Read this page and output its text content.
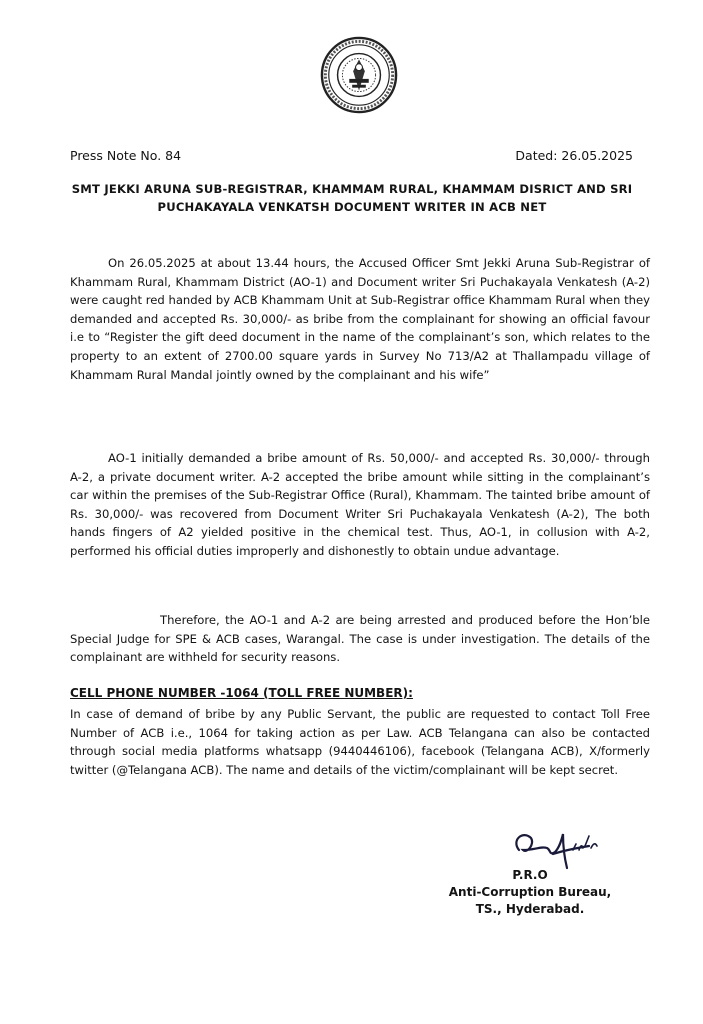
Press Note No. 84	Dated: 26.05.2025
SMT JEKKI ARUNA SUB-REGISTRAR, KHAMMAM RURAL, KHAMMAM DISRICT AND SRI PUCHAKAYALA VENKATSH DOCUMENT WRITER IN ACB NET

On 26.05.2025 at about 13.44 hours, the Accused Officer Smt Jekki Aruna Sub-Registrar of Khammam Rural, Khammam District (AO-1) and Document writer Sri Puchakayala Venkatesh (A-2) were caught red handed by ACB Khammam Unit at Sub-Registrar office Khammam Rural when they demanded and accepted Rs. 30,000/- as bribe from the complainant for showing an official favour i.e to “Register the gift deed document in the name of the complainant’s son, which relates to the property to an extent of 2700.00 square yards in Survey No 713/A2 at Thallampadu village of Khammam Rural Mandal jointly owned by the complainant and his wife”

AO-1 initially demanded a bribe amount of Rs. 50,000/- and accepted Rs. 30,000/- through A-2, a private document writer. A-2 accepted the bribe amount while sitting in the complainant’s car within the premises of the Sub-Registrar Office (Rural), Khammam. The tainted bribe amount of Rs. 30,000/- was recovered from Document Writer Sri Puchakayala Venkatesh (A-2), The both hands fingers of A2 yielded positive in the chemical test. Thus, AO-1, in collusion with A-2, performed his official duties improperly and dishonestly to obtain undue advantage.

Therefore, the AO-1 and A-2 are being arrested and produced before the Hon’ble Special Judge for SPE & ACB cases, Warangal. The case is under investigation. The details of the complainant are withheld for security reasons.

CELL PHONE NUMBER -1064 (TOLL FREE NUMBER):

In case of demand of bribe by any Public Servant, the public are requested to contact Toll Free Number of ACB i.e., 1064 for taking action as per Law. ACB Telangana can also be contacted through social media platforms whatsapp (9440446106), facebook (Telangana ACB), X/formerly twitter (@Telangana ACB). The name and details of the victim/complainant will be kept secret.

P.R.O
Anti-Corruption Bureau,
TS., Hyderabad.
